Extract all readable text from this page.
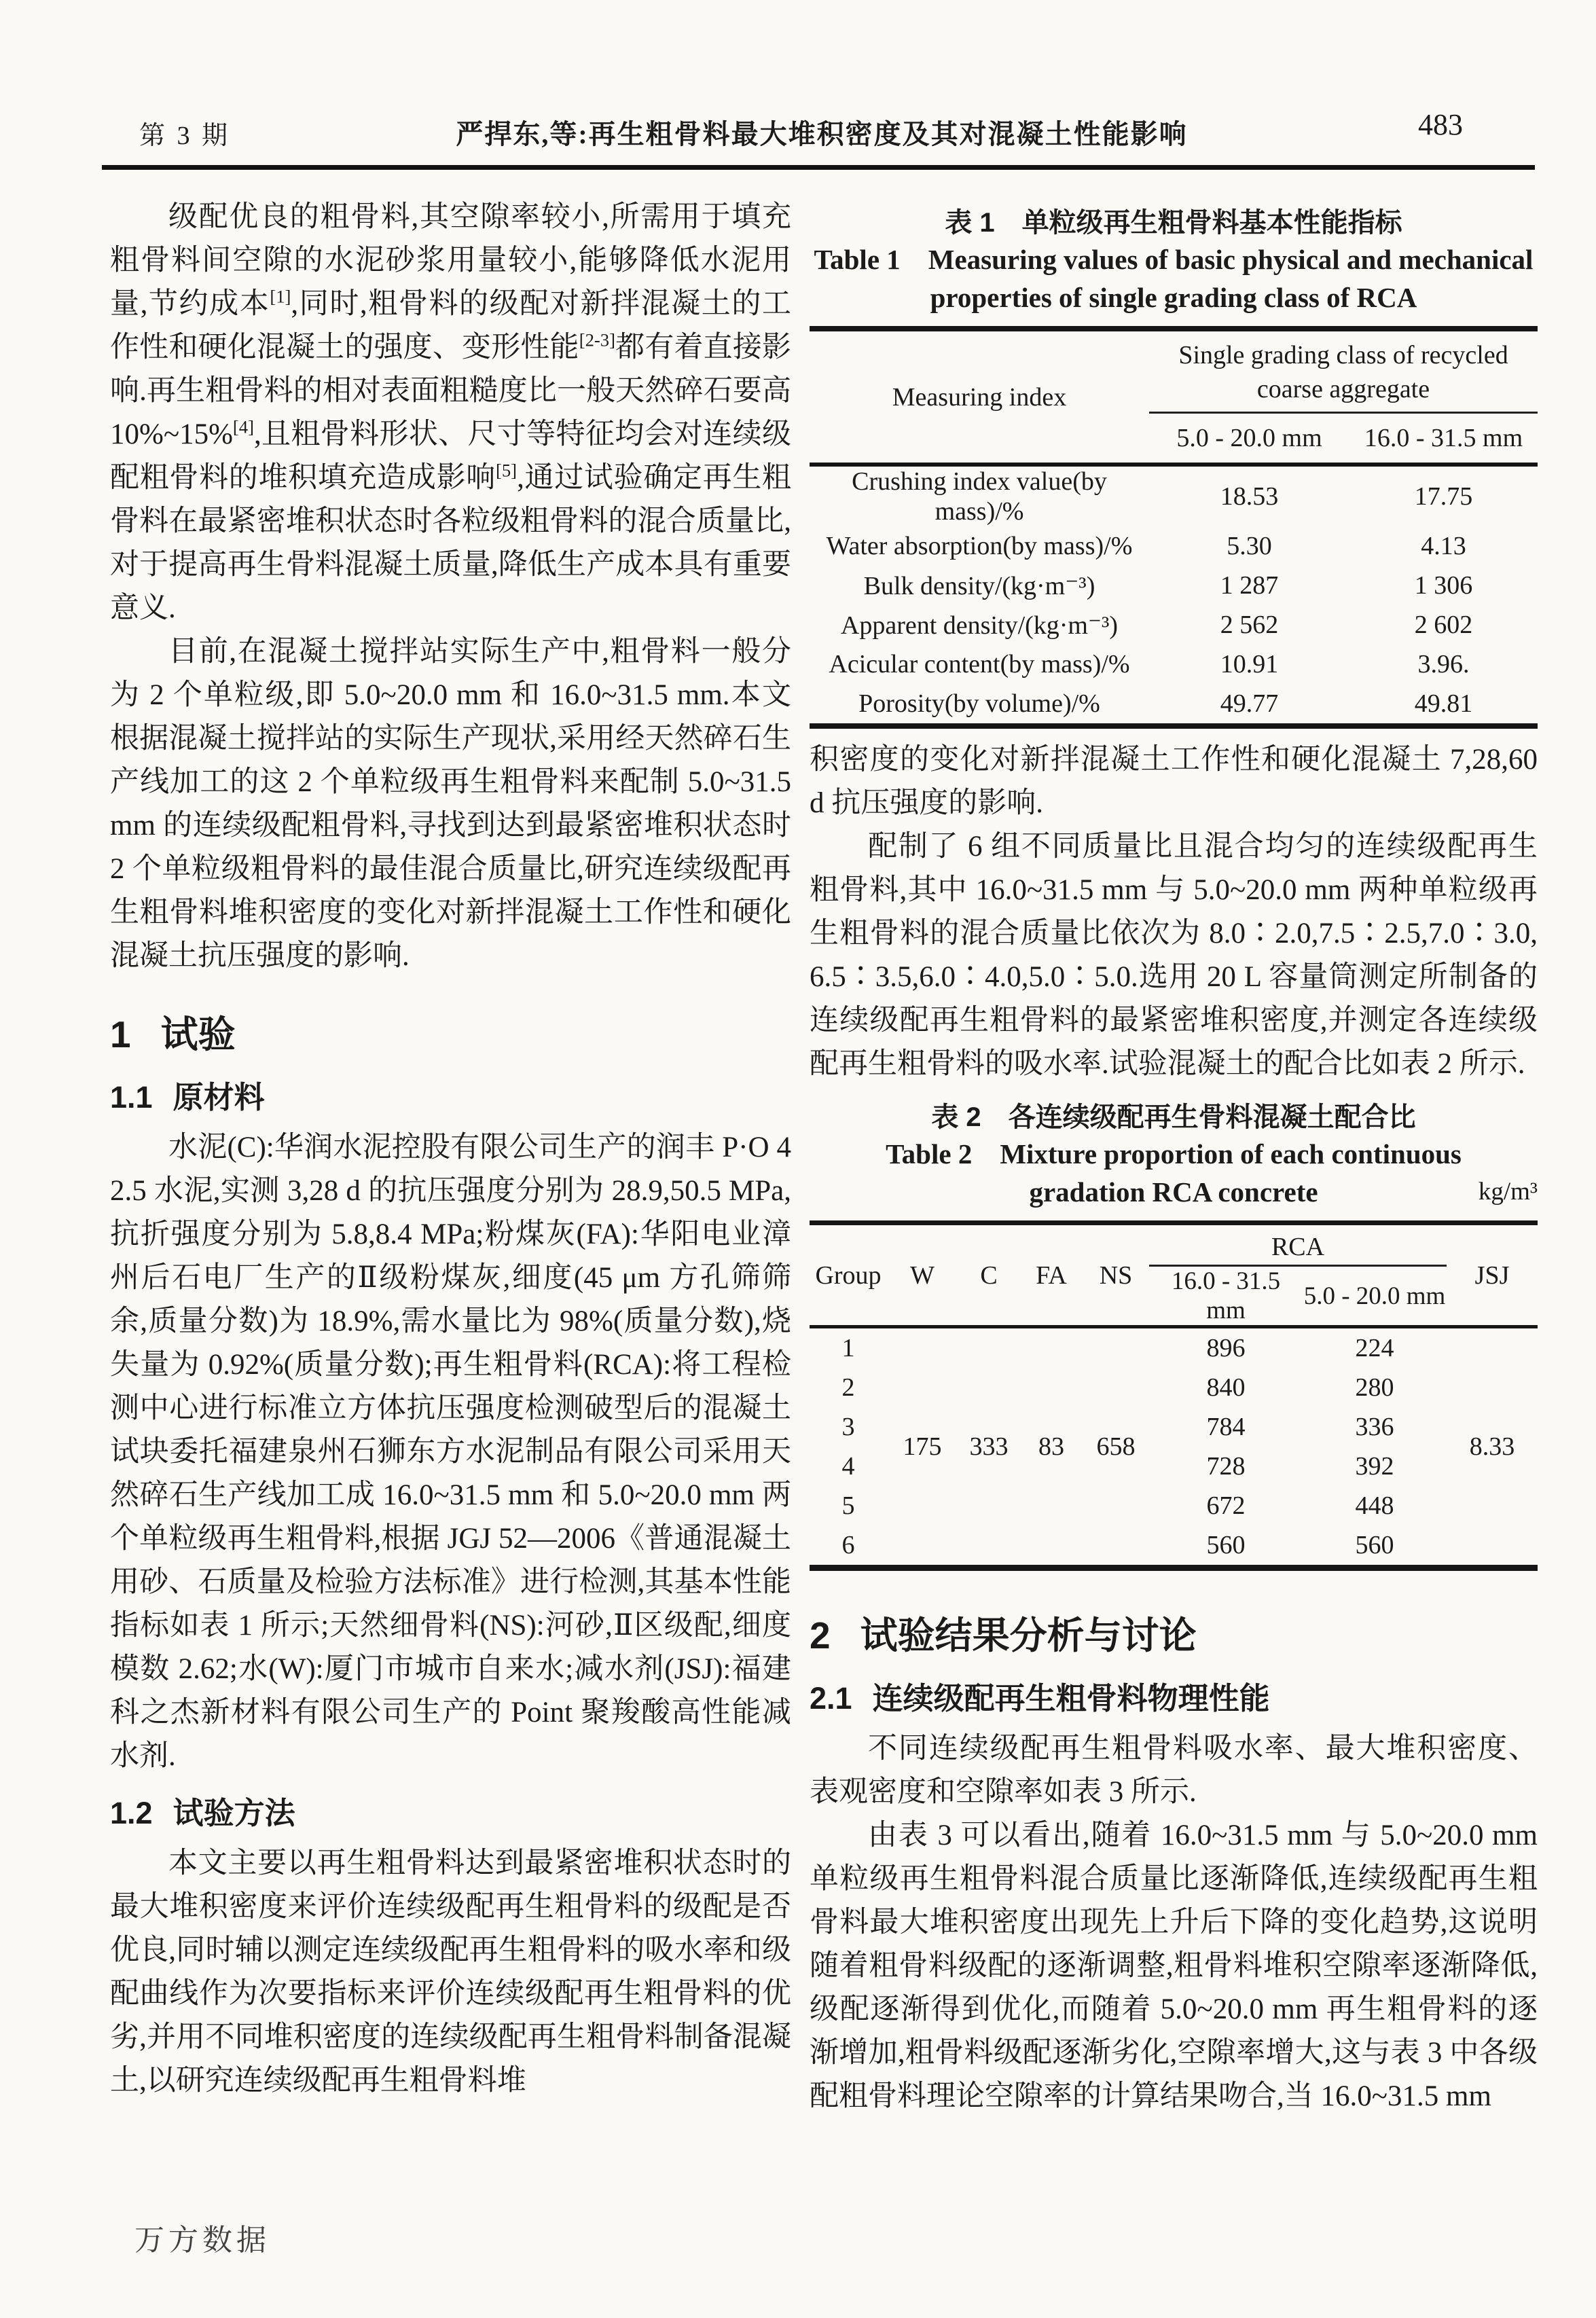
第 3 期	严捍东,等:再生粗骨料最大堆积密度及其对混凝土性能影响	483

级配优良的粗骨料,其空隙率较小,所需用于填充粗骨料间空隙的水泥砂浆用量较小,能够降低水泥用量,节约成本[1],同时,粗骨料的级配对新拌混凝土的工作性和硬化混凝土的强度、变形性能[2-3]都有着直接影响.再生粗骨料的相对表面粗糙度比一般天然碎石要高 10%~15%[4],且粗骨料形状、尺寸等特征均会对连续级配粗骨料的堆积填充造成影响[5],通过试验确定再生粗骨料在最紧密堆积状态时各粒级粗骨料的混合质量比,对于提高再生骨料混凝土质量,降低生产成本具有重要意义.

目前,在混凝土搅拌站实际生产中,粗骨料一般分为 2 个单粒级,即 5.0~20.0 mm 和 16.0~31.5 mm.本文根据混凝土搅拌站的实际生产现状,采用经天然碎石生产线加工的这 2 个单粒级再生粗骨料来配制 5.0~31.5 mm 的连续级配粗骨料,寻找到达到最紧密堆积状态时 2 个单粒级粗骨料的最佳混合质量比,研究连续级配再生粗骨料堆积密度的变化对新拌混凝土工作性和硬化混凝土抗压强度的影响.

1 试验
1.1 原材料

水泥(C):华润水泥控股有限公司生产的润丰 P·O 42.5 水泥,实测 3,28 d 的抗压强度分别为 28.9,50.5 MPa,抗折强度分别为 5.8,8.4 MPa;粉煤灰(FA):华阳电业漳州后石电厂生产的Ⅱ级粉煤灰,细度(45 μm 方孔筛筛余,质量分数)为 18.9%,需水量比为 98%(质量分数),烧失量为 0.92%(质量分数);再生粗骨料(RCA):将工程检测中心进行标准立方体抗压强度检测破型后的混凝土试块委托福建泉州石狮东方水泥制品有限公司采用天然碎石生产线加工成 16.0~31.5 mm 和 5.0~20.0 mm 两个单粒级再生粗骨料,根据 JGJ 52—2006《普通混凝土用砂、石质量及检验方法标准》进行检测,其基本性能指标如表 1 所示;天然细骨料(NS):河砂,Ⅱ区级配,细度模数 2.62;水(W):厦门市城市自来水;减水剂(JSJ):福建科之杰新材料有限公司生产的 Point 聚羧酸高性能减水剂.

1.2 试验方法

本文主要以再生粗骨料达到最紧密堆积状态时的最大堆积密度来评价连续级配再生粗骨料的级配是否优良,同时辅以测定连续级配再生粗骨料的吸水率和级配曲线作为次要指标来评价连续级配再生粗骨料的优劣,并用不同堆积密度的连续级配再生粗骨料制备混凝土,以研究连续级配再生粗骨料堆

表 1　单粒级再生粗骨料基本性能指标
Table 1　Measuring values of basic physical and mechanical
properties of single grading class of RCA
Measuring index	Single grading class of recycled coarse aggregate	
	5.0 - 20.0 mm	16.0 - 31.5 mm
Crushing index value(by mass)/%	18.53	17.75
Water absorption(by mass)/%	5.30	4.13
Bulk density/(kg·m⁻³)	1 287	1 306
Apparent density/(kg·m⁻³)	2 562	2 602
Acicular content(by mass)/%	10.91	3.96.
Porosity(by volume)/%	49.77	49.81

积密度的变化对新拌混凝土工作性和硬化混凝土 7,28,60 d 抗压强度的影响.

配制了 6 组不同质量比且混合均匀的连续级配再生粗骨料,其中 16.0~31.5 mm 与 5.0~20.0 mm 两种单粒级再生粗骨料的混合质量比依次为 8.0∶2.0,7.5∶2.5,7.0∶3.0,6.5∶3.5,6.0∶4.0,5.0∶5.0.选用 20 L 容量筒测定所制备的连续级配再生粗骨料的最紧密堆积密度,并测定各连续级配再生粗骨料的吸水率.试验混凝土的配合比如表 2 所示.

表 2　各连续级配再生骨料混凝土配合比
Table 2　Mixture proportion of each continuous
gradation RCA concrete	kg/m³
Group	W	C	FA	NS	RCA		JSJ
					16.0 - 31.5 mm	5.0 - 20.0 mm	
1	175	333	83	658	896	224	8.33
2					840	280	
3					784	336	
4					728	392	
5					672	448	
6					560	560	
2 试验结果分析与讨论
2.1 连续级配再生粗骨料物理性能

不同连续级配再生粗骨料吸水率、最大堆积密度、表观密度和空隙率如表 3 所示.

由表 3 可以看出,随着 16.0~31.5 mm 与 5.0~20.0 mm 单粒级再生粗骨料混合质量比逐渐降低,连续级配再生粗骨料最大堆积密度出现先上升后下降的变化趋势,这说明随着粗骨料级配的逐渐调整,粗骨料堆积空隙率逐渐降低,级配逐渐得到优化,而随着 5.0~20.0 mm 再生粗骨料的逐渐增加,粗骨料级配逐渐劣化,空隙率增大,这与表 3 中各级配粗骨料理论空隙率的计算结果吻合,当 16.0~31.5 mm

万方数据
